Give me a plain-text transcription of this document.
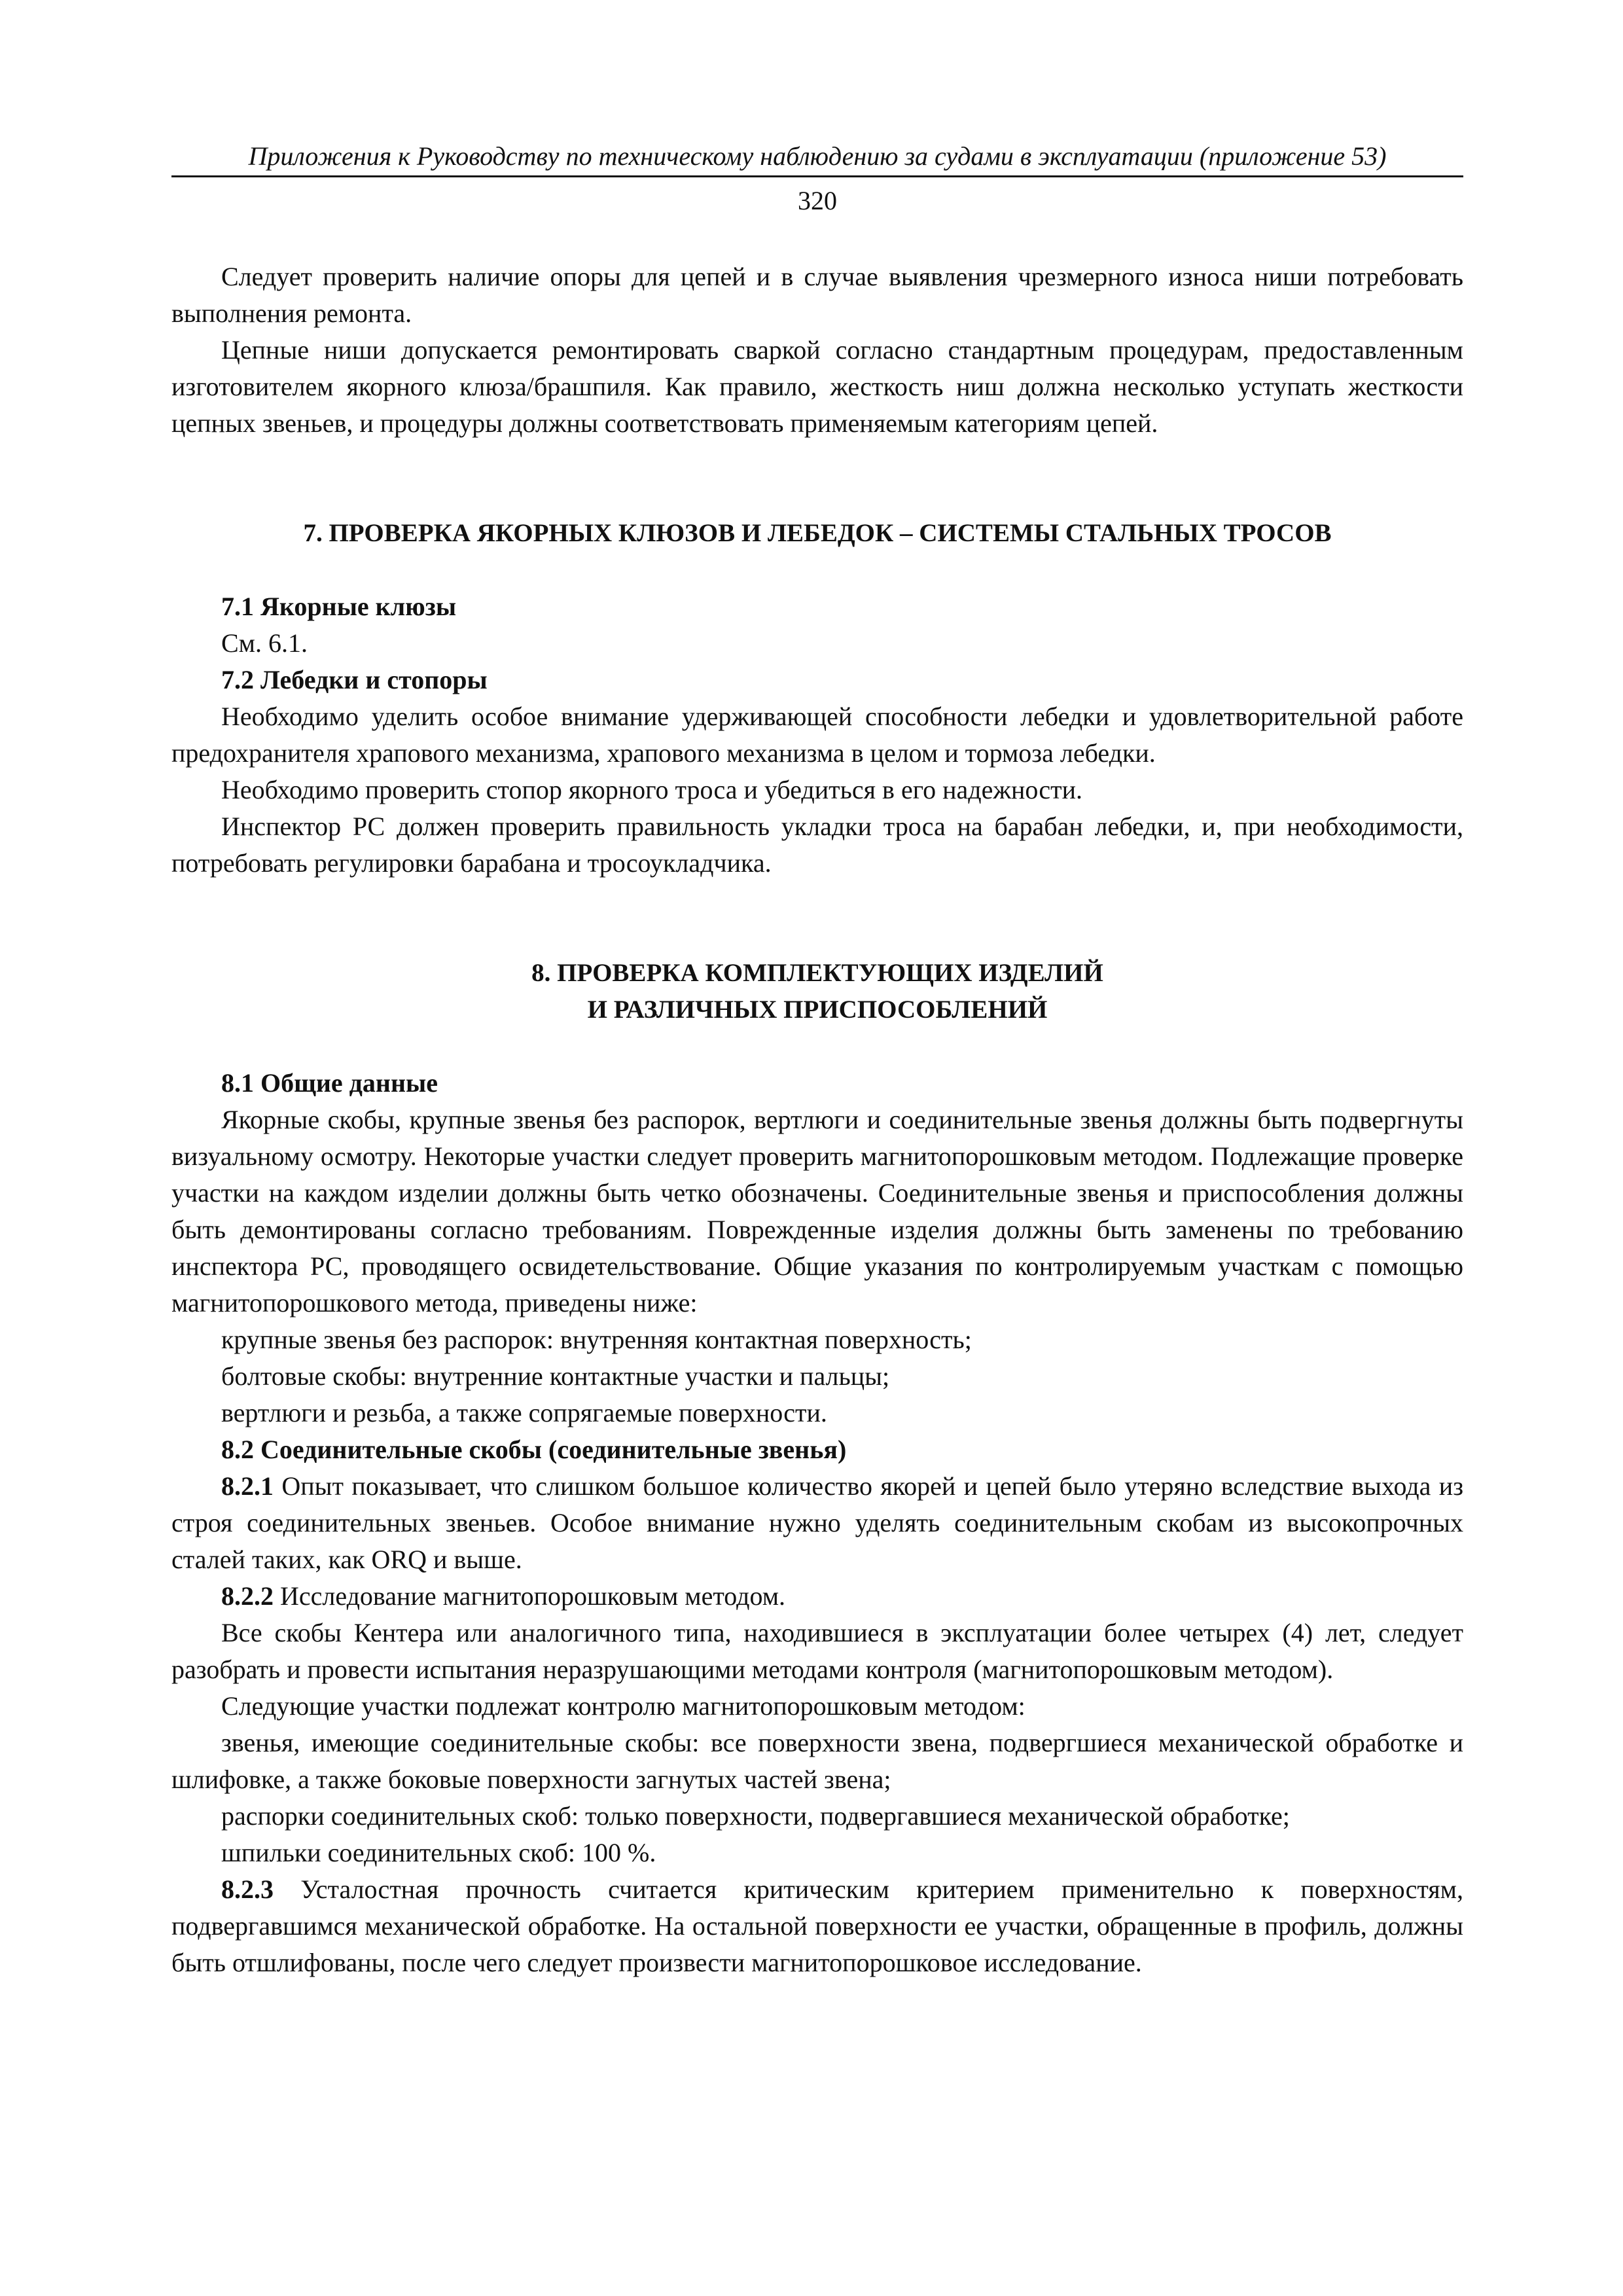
Приложения к Руководству по техническому наблюдению за судами в эксплуатации (приложение 53)
320

Следует проверить наличие опоры для цепей и в случае выявления чрезмерного износа ниши потребовать выполнения ремонта.

Цепные ниши допускается ремонтировать сваркой согласно стандартным процедурам, предоставленным изготовителем якорного клюза/брашпиля. Как правило, жесткость ниш должна несколько уступать жесткости цепных звеньев, и процедуры должны соответствовать применяемым категориям цепей.

7. ПРОВЕРКА ЯКОРНЫХ КЛЮЗОВ И ЛЕБЕДОК – СИСТЕМЫ СТАЛЬНЫХ ТРОСОВ

7.1 Якорные клюзы

См. 6.1.

7.2 Лебедки и стопоры

Необходимо уделить особое внимание удерживающей способности лебедки и удовлетворительной работе предохранителя храпового механизма, храпового механизма в целом и тормоза лебедки.

Необходимо проверить стопор якорного троса и убедиться в его надежности.

Инспектор РС должен проверить правильность укладки троса на барабан лебедки, и, при необходимости, потребовать регулировки барабана и тросоукладчика.

8. ПРОВЕРКА КОМПЛЕКТУЮЩИХ ИЗДЕЛИЙ

И РАЗЛИЧНЫХ ПРИСПОСОБЛЕНИЙ

8.1 Общие данные

Якорные скобы, крупные звенья без распорок, вертлюги и соединительные звенья должны быть подвергнуты визуальному осмотру. Некоторые участки следует проверить магнитопорошковым методом. Подлежащие проверке участки на каждом изделии должны быть четко обозначены. Соединительные звенья и приспособления должны быть демонтированы согласно требованиям. Поврежденные изделия должны быть заменены по требованию инспектора РС, проводящего освидетельствование. Общие указания по контролируемым участкам с помощью магнитопорошкового метода, приведены ниже:

крупные звенья без распорок: внутренняя контактная поверхность;

болтовые скобы: внутренние контактные участки и пальцы;

вертлюги и резьба, а также сопрягаемые поверхности.

8.2 Соединительные скобы (соединительные звенья)

8.2.1 Опыт показывает, что слишком большое количество якорей и цепей было утеряно вследствие выхода из строя соединительных звеньев. Особое внимание нужно уделять соединительным скобам из высокопрочных сталей таких, как ORQ и выше.

8.2.2 Исследование магнитопорошковым методом.

Все скобы Кентера или аналогичного типа, находившиеся в эксплуатации более четырех (4) лет, следует разобрать и провести испытания неразрушающими методами контроля (магнитопорошковым методом).

Следующие участки подлежат контролю магнитопорошковым методом:

звенья, имеющие соединительные скобы: все поверхности звена, подвергшиеся механической обработке и шлифовке, а также боковые поверхности загнутых частей звена;

распорки соединительных скоб: только поверхности, подвергавшиеся механической обработке;

шпильки соединительных скоб: 100 %.

8.2.3 Усталостная прочность считается критическим критерием применительно к поверхностям, подвергавшимся механической обработке. На остальной поверхности ее участки, обращенные в профиль, должны быть отшлифованы, после чего следует произвести магнитопорошковое исследование.
